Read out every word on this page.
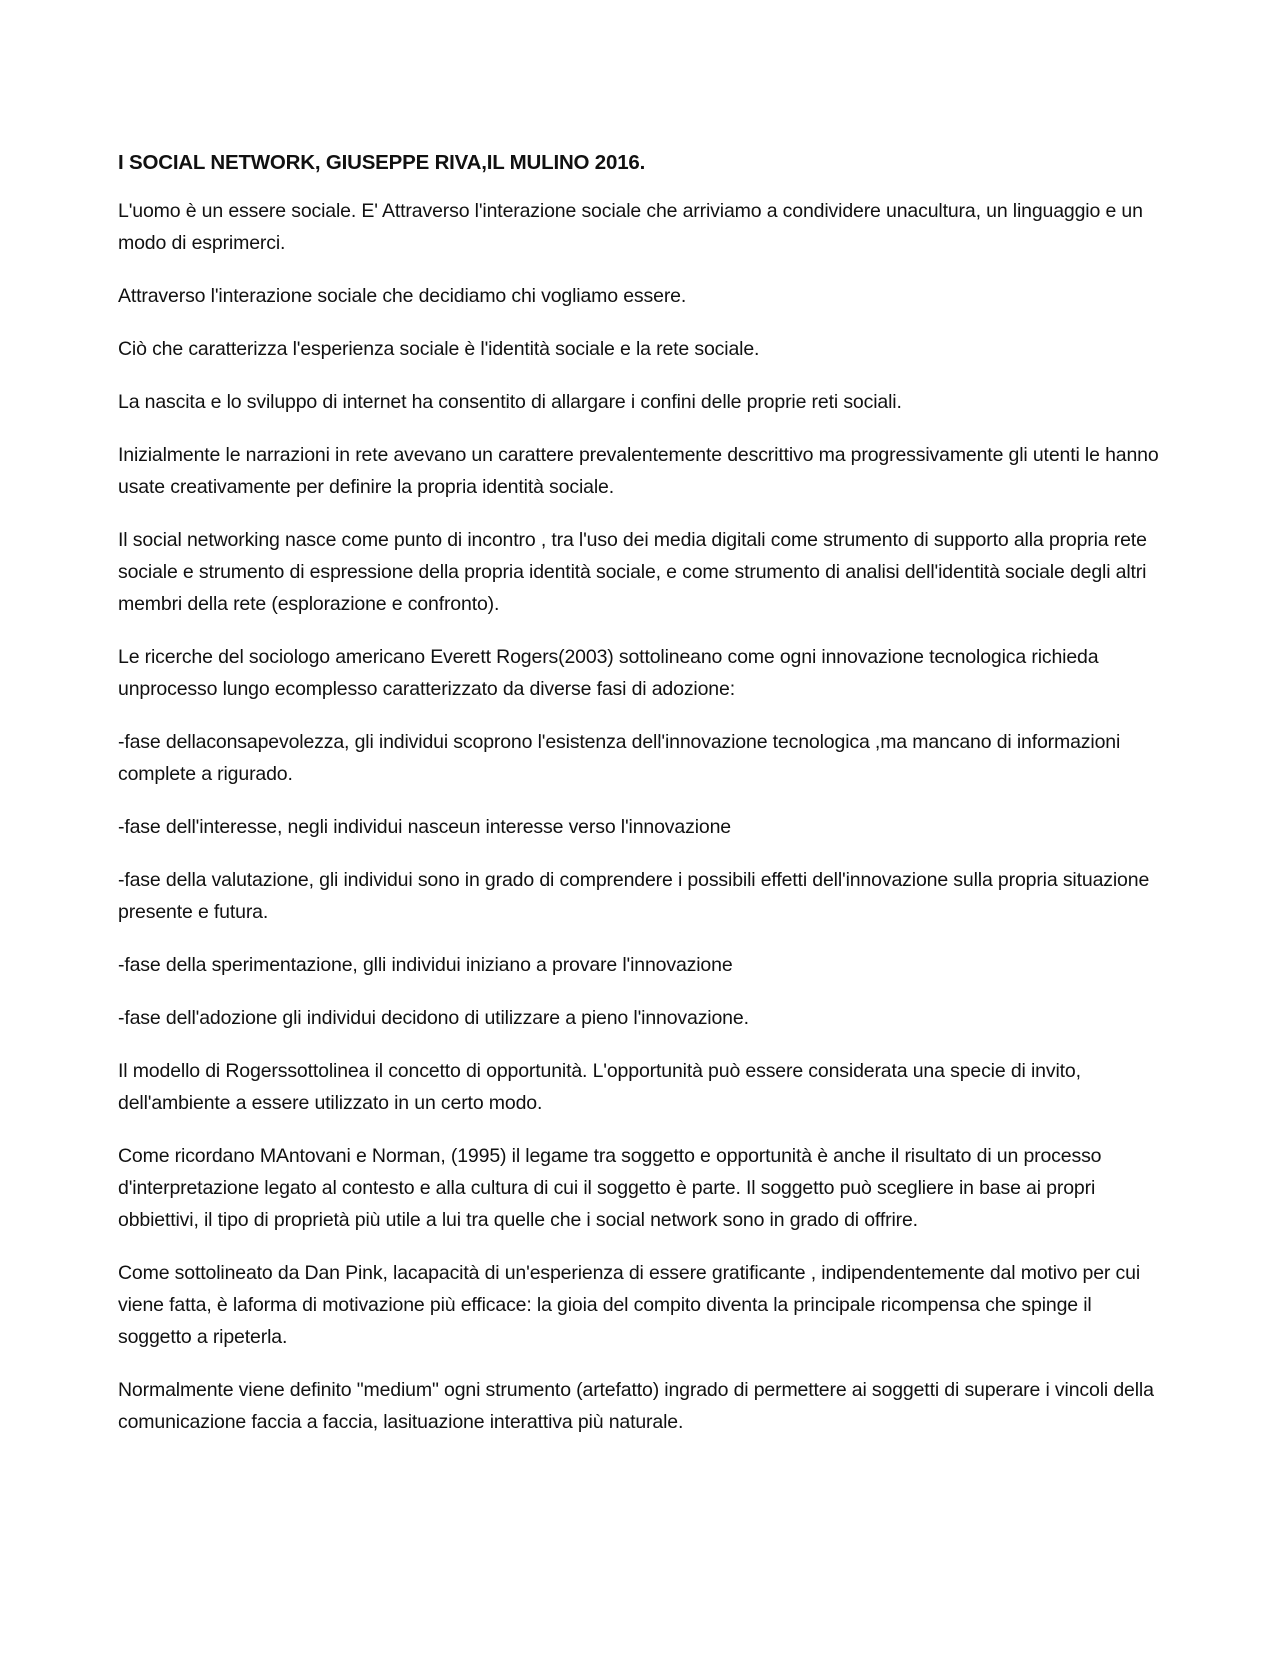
I SOCIAL NETWORK, GIUSEPPE RIVA,IL MULINO 2016.

L'uomo è un essere sociale. E' Attraverso l'interazione sociale che arriviamo a condividere unacultura, un linguaggio e un modo di esprimerci.

Attraverso l'interazione sociale che decidiamo chi vogliamo essere.

Ciò che caratterizza l'esperienza sociale è l'identità sociale e la rete sociale.

La nascita e lo sviluppo di internet ha consentito di allargare i confini delle proprie reti sociali.

Inizialmente le narrazioni in rete avevano un carattere prevalentemente descrittivo ma progressivamente gli utenti le hanno usate creativamente per definire la propria identità sociale.

Il social networking nasce come punto di incontro , tra l'uso dei media digitali come strumento di supporto alla propria rete sociale e strumento di espressione della propria identità sociale, e come strumento di analisi dell'identità sociale degli altri membri della rete (esplorazione e confronto).

Le ricerche del sociologo americano Everett Rogers(2003) sottolineano come ogni innovazione tecnologica richieda unprocesso lungo ecomplesso caratterizzato da diverse fasi di adozione:

-fase dellaconsapevolezza, gli individui scoprono l'esistenza dell'innovazione tecnologica ,ma mancano di informazioni complete a rigurado.

-fase dell'interesse, negli individui nasceun interesse verso l'innovazione

-fase della valutazione, gli individui sono in grado di comprendere i possibili effetti dell'innovazione sulla propria situazione presente e futura.

-fase della sperimentazione, glli individui iniziano a provare l'innovazione

-fase dell'adozione gli individui decidono di utilizzare a pieno l'innovazione.

Il modello di Rogerssottolinea il concetto di opportunità. L'opportunità può essere considerata una specie di invito, dell'ambiente a essere utilizzato in un certo modo.

Come ricordano MAntovani e Norman, (1995) il legame tra soggetto e opportunità è anche il risultato di un processo d'interpretazione legato al contesto e alla cultura di cui il soggetto è parte. Il soggetto può scegliere in base ai propri obbiettivi, il tipo di proprietà più utile a lui tra quelle che i social network sono in grado di offrire.

Come sottolineato da Dan Pink, lacapacità di un'esperienza di essere gratificante , indipendentemente dal motivo per cui viene fatta, è laforma di motivazione più efficace: la gioia del compito diventa la principale ricompensa che spinge il soggetto a ripeterla.

Normalmente viene definito "medium" ogni strumento (artefatto) ingrado di permettere ai soggetti di superare i vincoli della comunicazione faccia a faccia, lasituazione interattiva più naturale.
